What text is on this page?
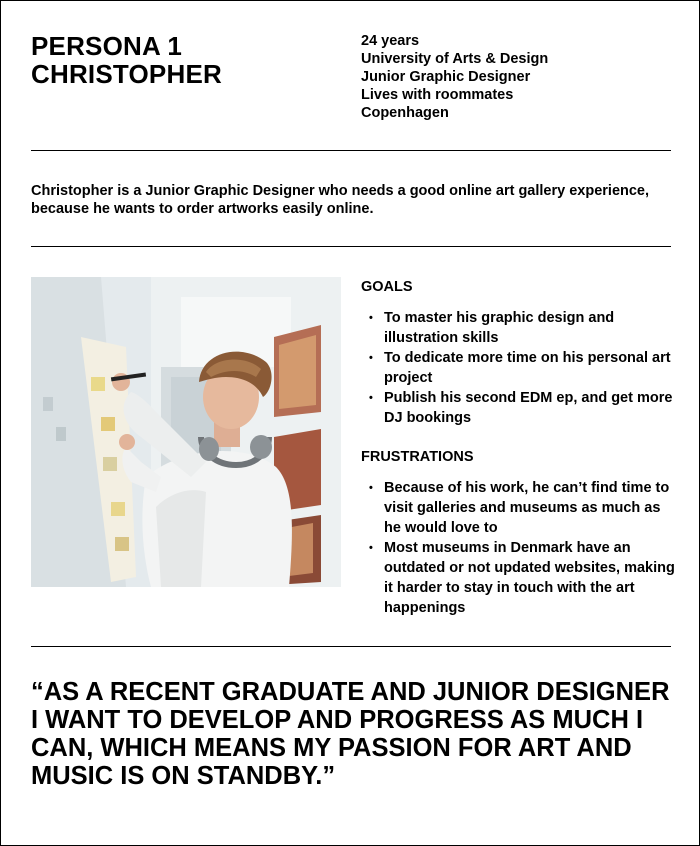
PERSONA 1
CHRISTOPHER
24 years
University of Arts & Design
Junior Graphic Designer
Lives with roommates
Copenhagen
Christopher is a Junior Graphic Designer who needs a good online art gallery experience, because he wants to order artworks easily online.
GOALS
• To master his graphic design and illustration skills
• To dedicate more time on his personal art project
• Publish his second EDM ep, and get more DJ bookings
FRUSTRATIONS
• Because of his work, he can’t find time to visit galleries and museums as much as he would love to
• Most museums in Denmark have an outdated or not updated websites, making it harder to stay in touch with the art happenings
“AS A RECENT GRADUATE AND JUNIOR DESIGNER I WANT TO DEVELOP AND PROGRESS AS MUCH I CAN, WHICH MEANS MY PASSION FOR ART AND MUSIC IS ON STANDBY.”
